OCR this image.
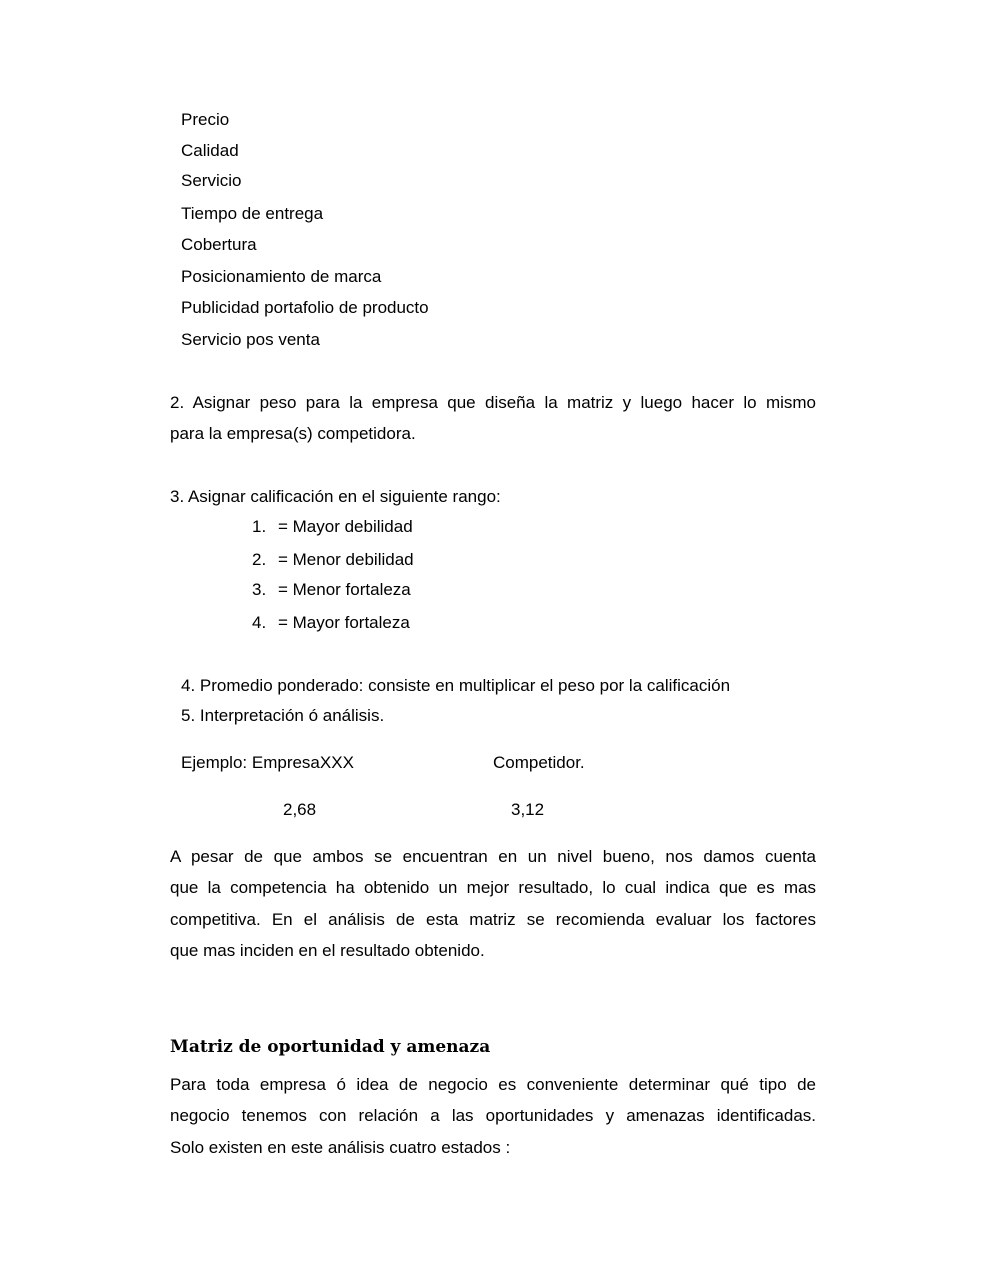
Precio
Calidad
Servicio
Tiempo de entrega
Cobertura
Posicionamiento de marca
Publicidad portafolio de producto
Servicio pos venta
2. Asignar peso para la empresa que diseña la matriz y luego hacer lo mismo
para la empresa(s) competidora.
3. Asignar calificación en el siguiente rango:
1. = Mayor debilidad
2. = Menor debilidad
3. = Menor fortaleza
4. = Mayor fortaleza
4. Promedio ponderado: consiste en multiplicar el peso por la calificación
5. Interpretación ó análisis.
Ejemplo: EmpresaXXX	Competidor.
2,68	3,12
A pesar de que ambos se encuentran en un nivel bueno, nos damos cuenta
que la competencia ha obtenido un mejor resultado, lo cual indica que es mas
competitiva. En el análisis de esta matriz se recomienda evaluar los factores
que mas inciden en el resultado obtenido.
Matriz de oportunidad y amenaza
Para toda empresa ó idea de negocio es conveniente determinar qué tipo de
negocio tenemos con relación a las oportunidades y amenazas identificadas.
Solo existen en este análisis cuatro estados :
